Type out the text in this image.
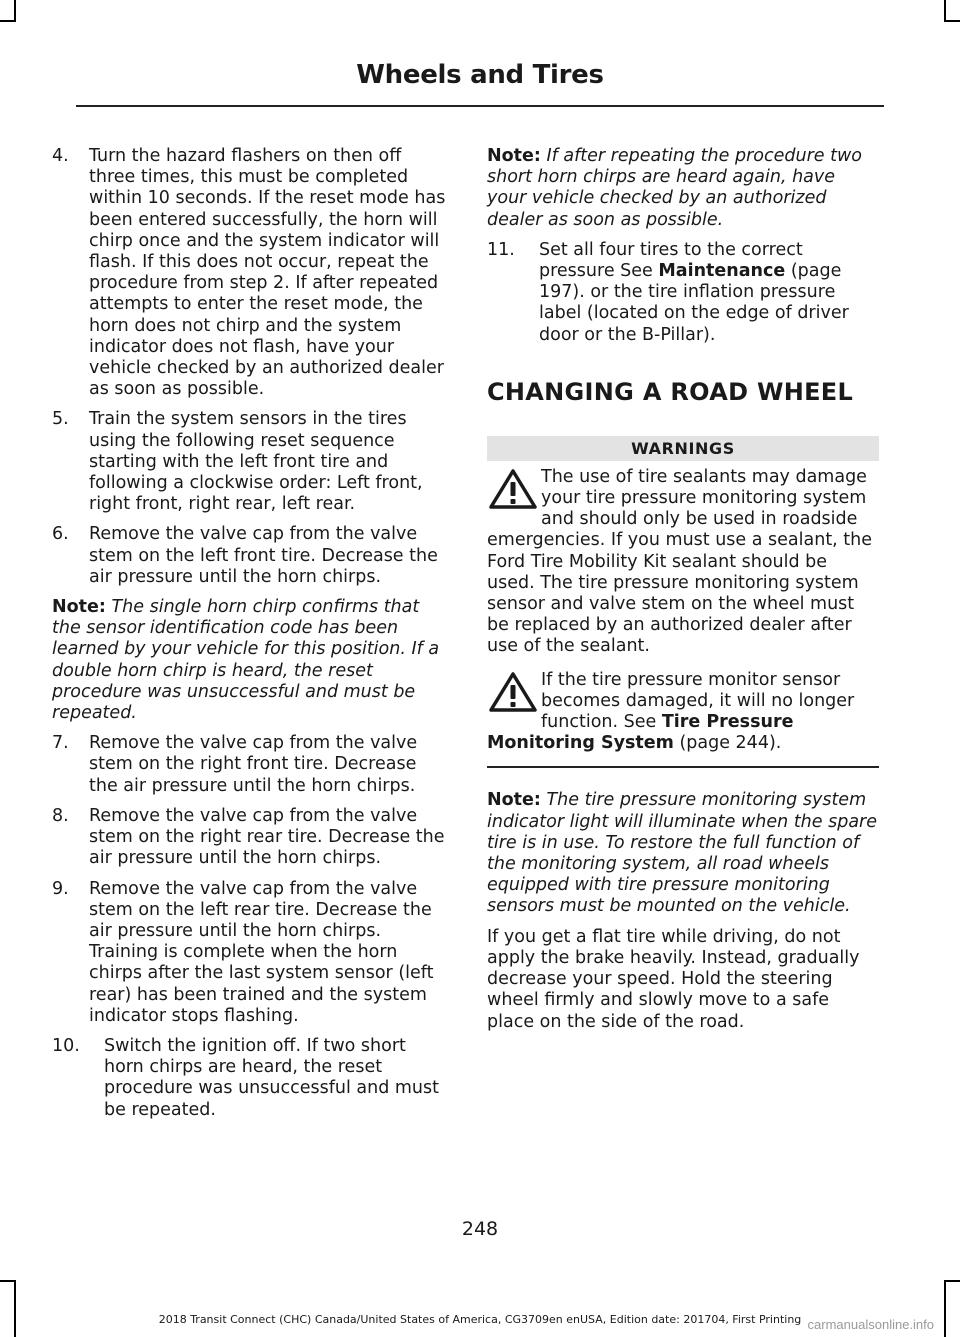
Wheels and Tires
4. Turn the hazard flashers on then off three times, this must be completed within 10 seconds. If the reset mode has been entered successfully, the horn will chirp once and the system indicator will flash. If this does not occur, repeat the procedure from step 2. If after repeated attempts to enter the reset mode, the horn does not chirp and the system indicator does not flash, have your vehicle checked by an authorized dealer as soon as possible.
5. Train the system sensors in the tires using the following reset sequence starting with the left front tire and following a clockwise order: Left front, right front, right rear, left rear.
6. Remove the valve cap from the valve stem on the left front tire. Decrease the air pressure until the horn chirps.

Note: The single horn chirp confirms that the sensor identification code has been learned by your vehicle for this position. If a double horn chirp is heard, the reset procedure was unsuccessful and must be repeated.

7. Remove the valve cap from the valve stem on the right front tire. Decrease the air pressure until the horn chirps.
8. Remove the valve cap from the valve stem on the right rear tire. Decrease the air pressure until the horn chirps.
9. Remove the valve cap from the valve stem on the left rear tire. Decrease the air pressure until the horn chirps. Training is complete when the horn chirps after the last system sensor (left rear) has been trained and the system indicator stops flashing.
10. Switch the ignition off. If two short horn chirps are heard, the reset procedure was unsuccessful and must be repeated.

Note: If after repeating the procedure two short horn chirps are heard again, have your vehicle checked by an authorized dealer as soon as possible.

11. Set all four tires to the correct pressure See Maintenance (page 197). or the tire inflation pressure label (located on the edge of driver door or the B-Pillar).
CHANGING A ROAD WHEEL
WARNINGS
The use of tire sealants may damage your tire pressure monitoring system and should only be used in roadside emergencies. If you must use a sealant, the Ford Tire Mobility Kit sealant should be used. The tire pressure monitoring system sensor and valve stem on the wheel must be replaced by an authorized dealer after use of the sealant.
If the tire pressure monitor sensor becomes damaged, it will no longer function. See Tire Pressure Monitoring System (page 244).

Note: The tire pressure monitoring system indicator light will illuminate when the spare tire is in use. To restore the full function of the monitoring system, all road wheels equipped with tire pressure monitoring sensors must be mounted on the vehicle.

If you get a flat tire while driving, do not apply the brake heavily. Instead, gradually decrease your speed. Hold the steering wheel firmly and slowly move to a safe place on the side of the road.

248
2018 Transit Connect (CHC) Canada/United States of America, CG3709en enUSA, Edition date: 201704, First Printing carmanualsonline.info
